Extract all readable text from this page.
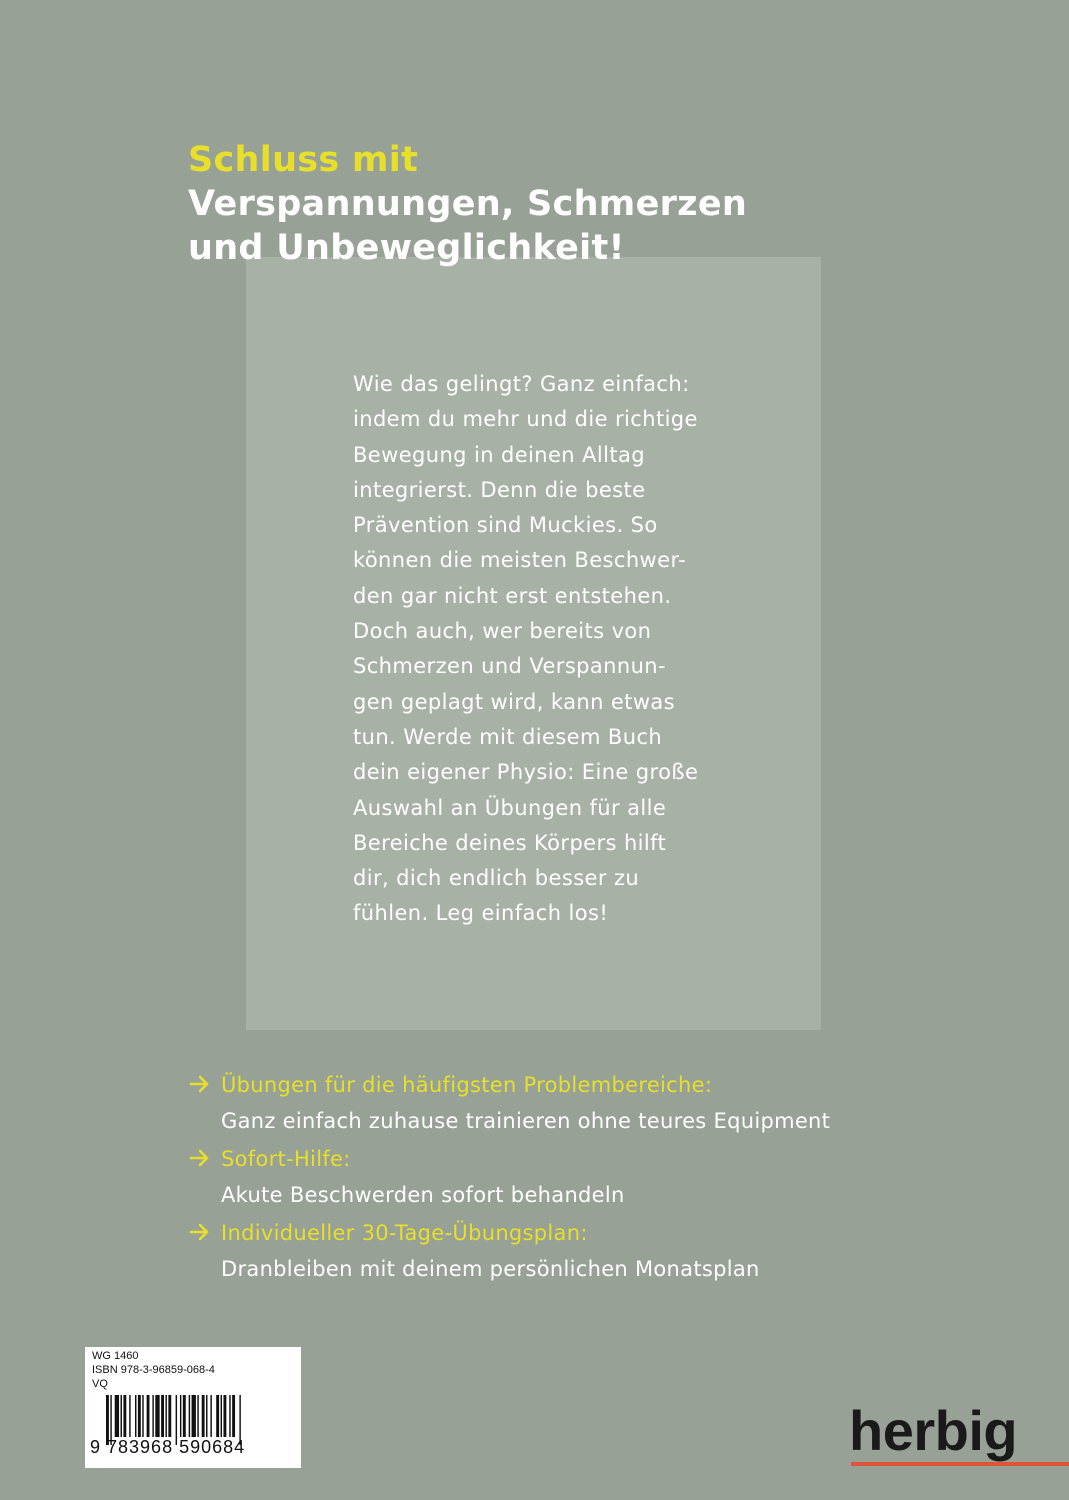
Schluss mit
Verspannungen, Schmerzen
und Unbeweglichkeit!
Wie das gelingt? Ganz einfach:
indem du mehr und die richtige
Bewegung in deinen Alltag
integrierst. Denn die beste
Prävention sind Muckies. So
können die meisten Beschwer-
den gar nicht erst entstehen.
Doch auch, wer bereits von
Schmerzen und Verspannun-
gen geplagt wird, kann etwas
tun. Werde mit diesem Buch
dein eigener Physio: Eine große
Auswahl an Übungen für alle
Bereiche deines Körpers hilft
dir, dich endlich besser zu
fühlen. Leg einfach los!
Übungen für die häufigsten Problembereiche:
Ganz einfach zuhause trainieren ohne teures Equipment
Sofort-Hilfe:
Akute Beschwerden sofort behandeln
Individueller 30-Tage-Übungsplan:
Dranbleiben mit deinem persönlichen Monatsplan
WG 1460
ISBN 978-3-96859-068-4
VQ
9 783968 590684	herbig
